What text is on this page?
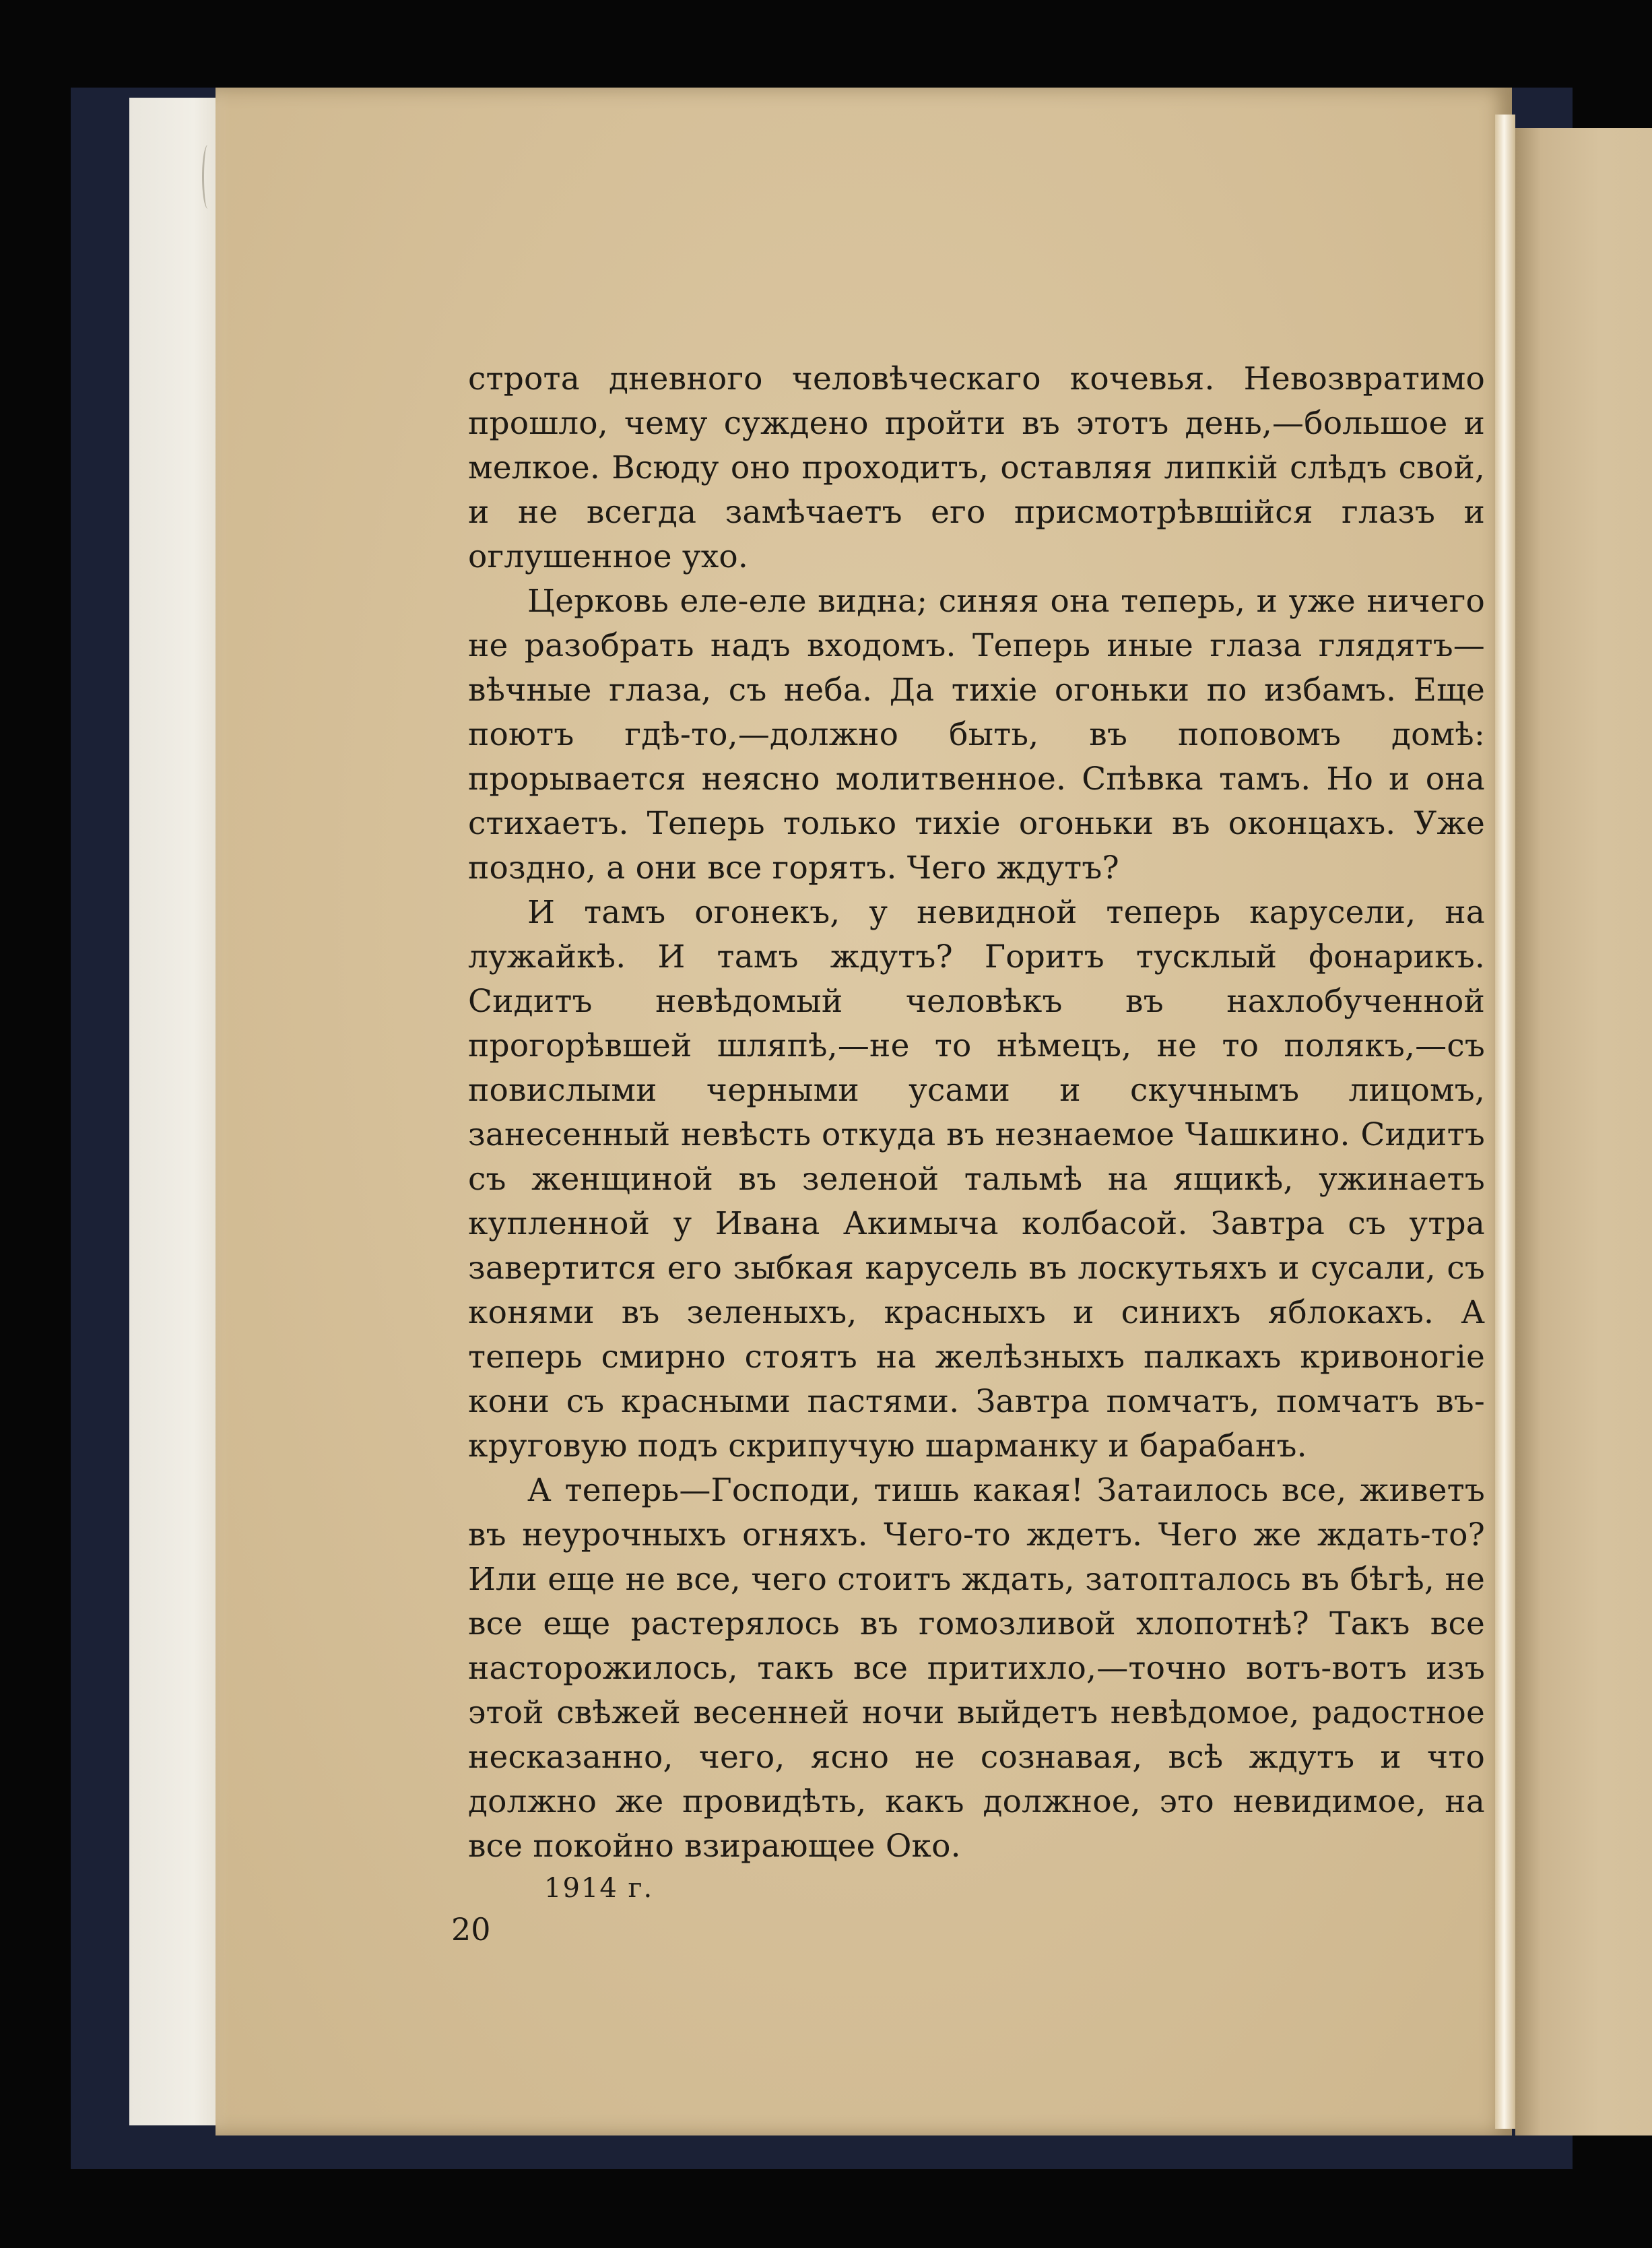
строта дневного человѣческаго кочевья. Невозвратимо прошло, чему суждено пройти въ этотъ день,—большое и мелкое. Всюду оно проходитъ, оставляя липкій слѣдъ свой, и не всегда замѣчаетъ его присмотрѣвшійся глазъ и оглушенное ухо.

Церковь еле-еле видна; синяя она теперь, и уже ничего не разобрать надъ входомъ. Теперь иные глаза глядятъ—вѣчные глаза, съ неба. Да тихіе огоньки по избамъ. Еще поютъ гдѣ-то,—должно быть, въ поповомъ домѣ: прорывается неясно молитвенное. Спѣвка тамъ. Но и она стихаетъ. Теперь только тихіе огоньки въ оконцахъ. Уже поздно, а они все горятъ. Чего ждутъ?

И тамъ огонекъ, у невидной теперь карусели, на лужайкѣ. И тамъ ждутъ? Горитъ тусклый фонарикъ. Сидитъ невѣдомый человѣкъ въ нахлобученной прогорѣвшей шляпѣ,—не то нѣмецъ, не то полякъ,—съ повислыми черными усами и скучнымъ лицомъ, занесенный невѣсть откуда въ незнаемое Чашкино. Сидитъ съ женщиной въ зеленой тальмѣ на ящикѣ, ужинаетъ купленной у Ивана Акимыча колбасой. Завтра съ утра завертится его зыбкая карусель въ лоскутьяхъ и сусали, съ конями въ зеленыхъ, красныхъ и синихъ яблокахъ. А теперь смирно стоятъ на желѣзныхъ палкахъ кривоногіе кони съ красными пастями. Завтра помчатъ, помчатъ въ-круговую подъ скрипучую шарманку и барабанъ.

А теперь—Господи, тишь какая! Затаилось все, живетъ въ неурочныхъ огняхъ. Чего-то ждетъ. Чего же ждать-то? Или еще не все, чего стоитъ ждать, затопталось въ бѣгѣ, не все еще растерялось въ гомозливой хлопотнѣ? Такъ все насторожилось, такъ все притихло,—точно вотъ-вотъ изъ этой свѣжей весенней ночи выйдетъ невѣдомое, радостное несказанно, чего, ясно не сознавая, всѣ ждутъ и что должно же провидѣть, какъ должное, это невидимое, на все покойно взирающее Око.

1914 г.
20
